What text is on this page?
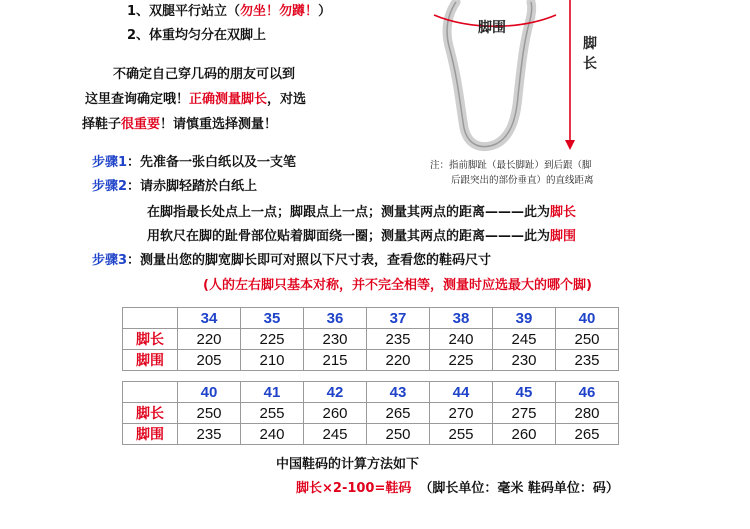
1、双腿平行站立（勿坐！勿蹲！）
2、体重均匀分在双脚上
不确定自己穿几码的朋友可以到
这里查询确定哦！正确测量脚长，对选
择鞋子很重要！请慎重选择测量！
脚围
脚
长
注：指前脚趾（最长脚趾）到后跟（脚
后跟突出的部份垂直）的直线距离
步骤1：先准备一张白纸以及一支笔
步骤2：请赤脚轻踏於白纸上
在脚指最长处点上一点；脚跟点上一点；测量其两点的距离———此为脚长
用软尺在脚的趾骨部位贴着脚面绕一圈；测量其两点的距离———此为脚围
步骤3：测量出您的脚宽脚长即可对照以下尺寸表，查看您的鞋码尺寸
(人的左右脚只基本对称，并不完全相等，测量时应选最大的哪个脚)
	34	35	36	37	38	39	40
脚长	220	225	230	235	240	245	250
脚围	205	210	215	220	225	230	235
	40	41	42	43	44	45	46
脚长	250	255	260	265	270	275	280
脚围	235	240	245	250	255	260	265
中国鞋码的计算方法如下
脚长×2-100=鞋码 （脚长单位：毫米 鞋码单位：码）
